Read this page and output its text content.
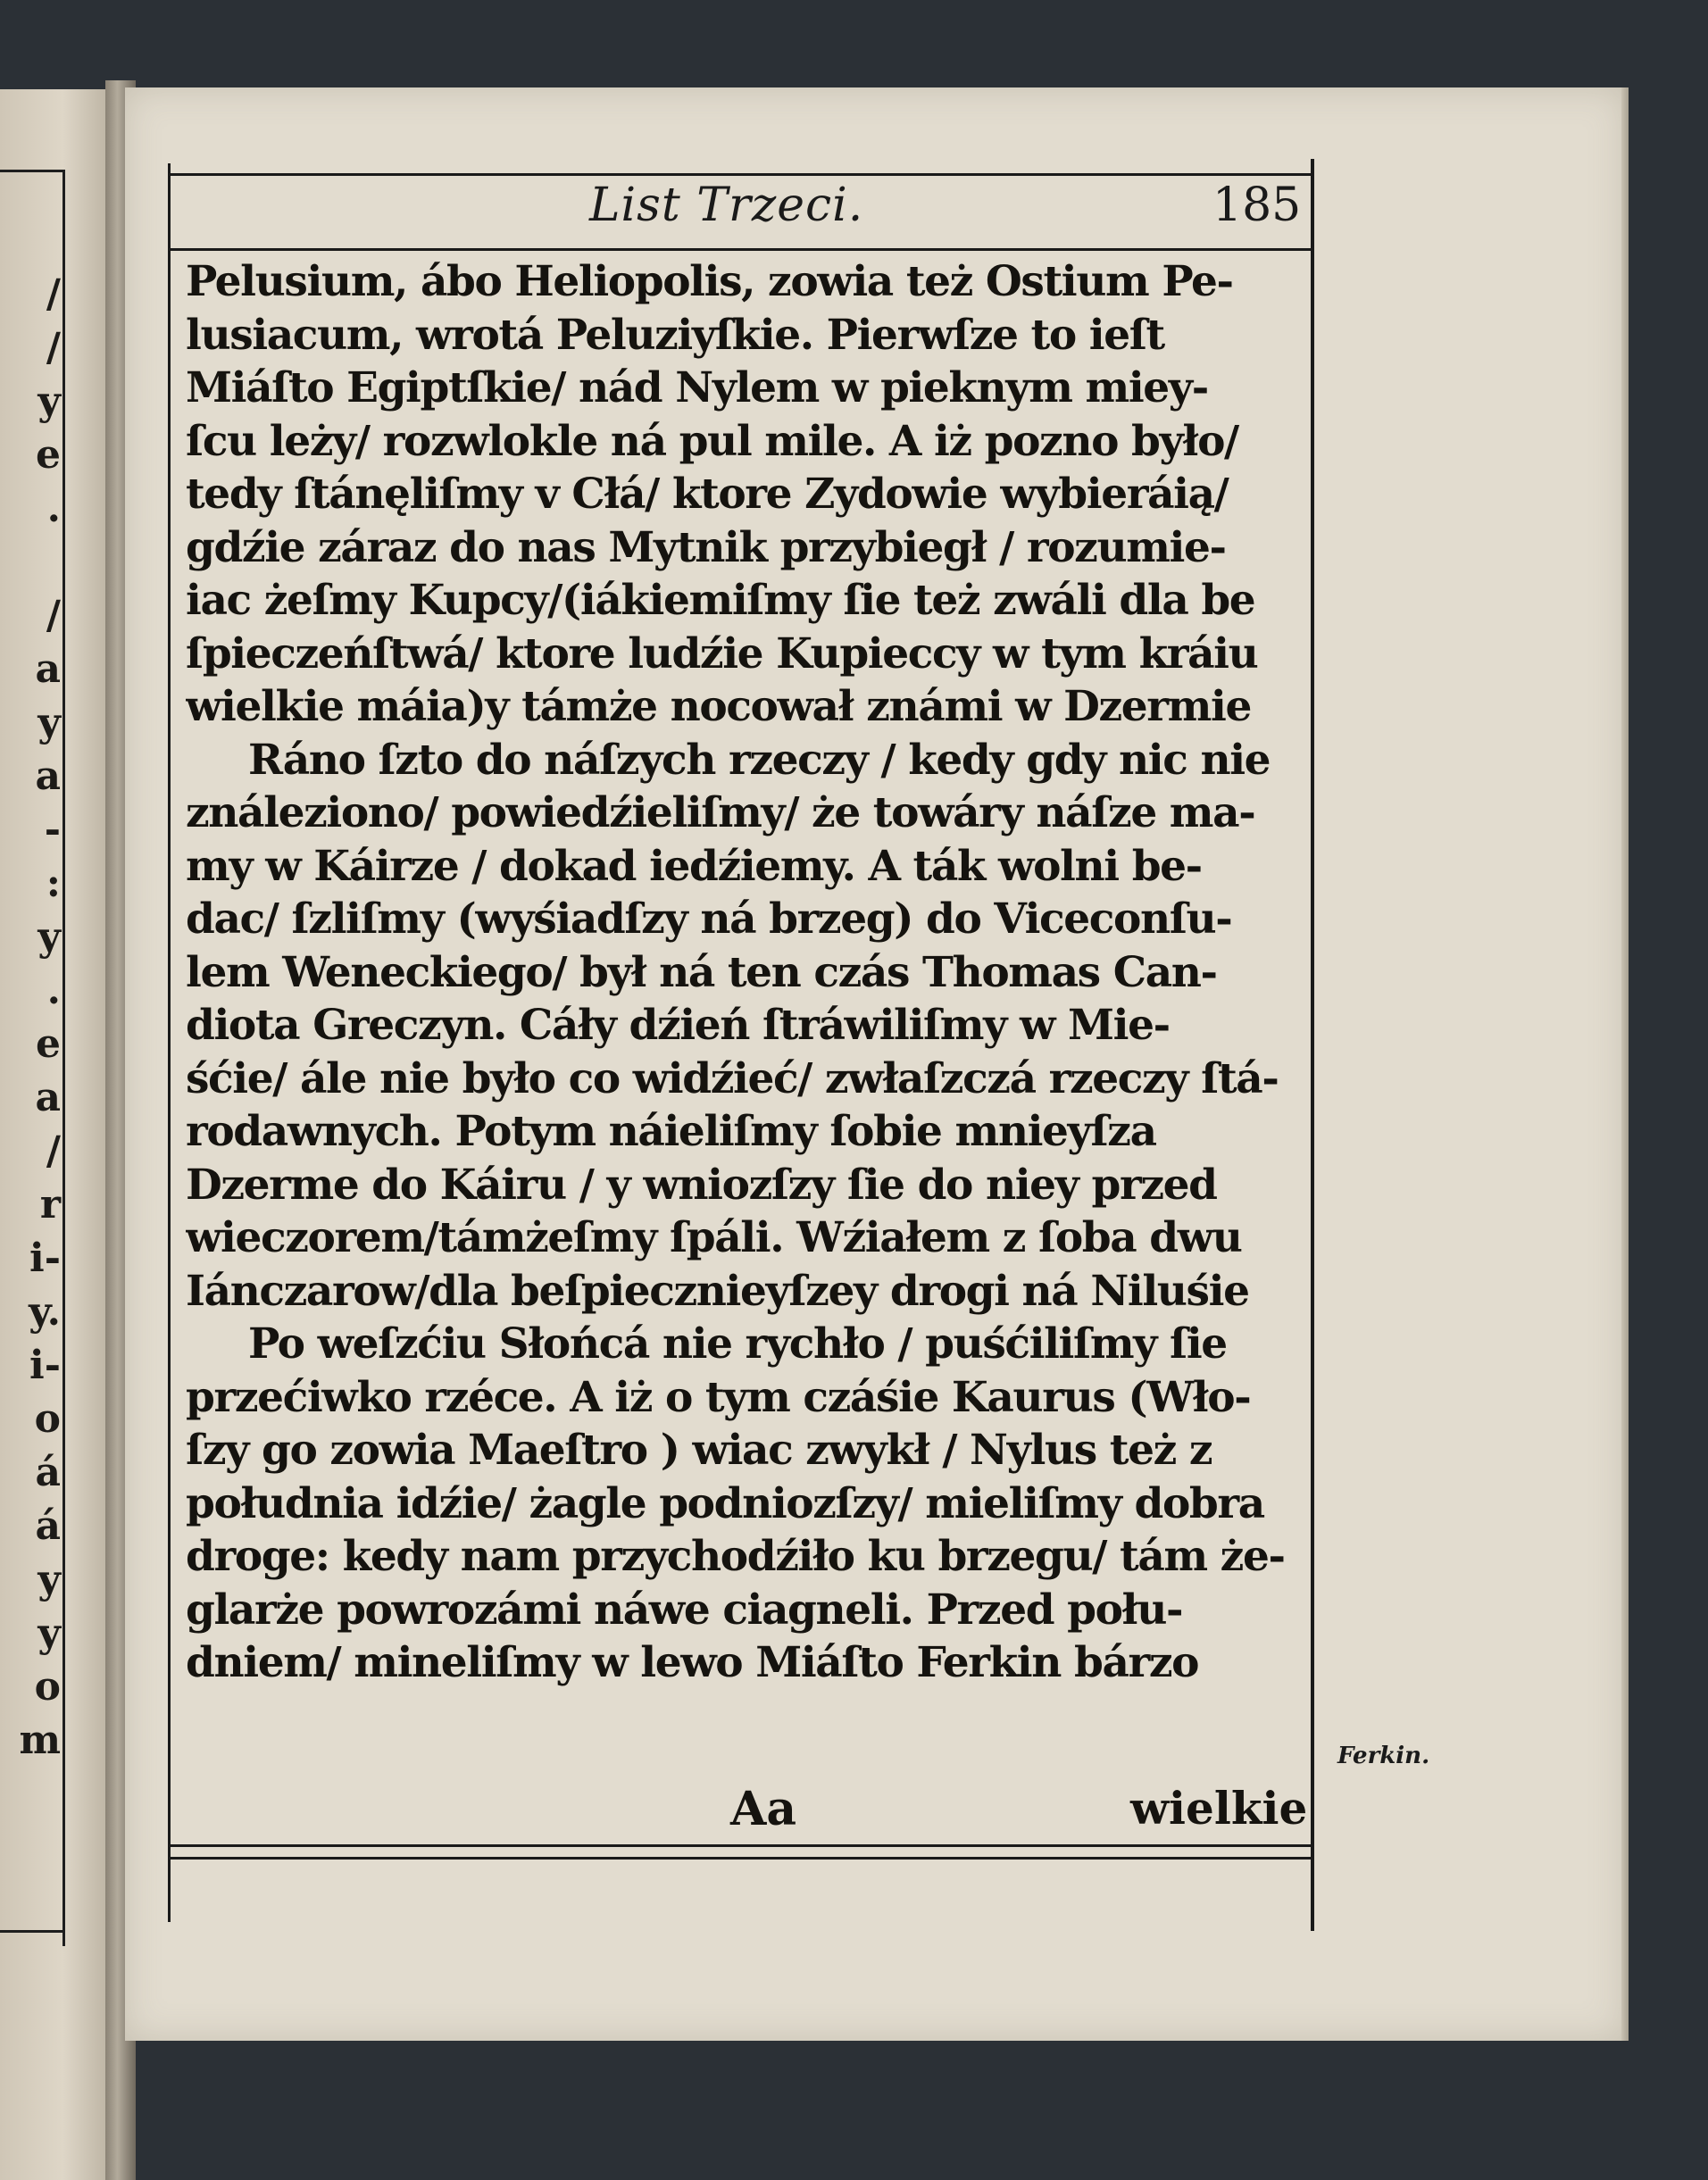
/
/
y
e
.
/
a
y
a
-
:
y
.
e
a
/
r
i-
y.
i-
o
á
á
y
y
o
m
List Trzeci.	185
Pelusium, ábo Heliopolis, zowia też Ostium Pe-
lusiacum, wrotá Peluziyſkie. Pierwſze to ieſt
Miáſto Egiptſkie/ nád Nylem w pieknym miey-
ſcu leży/ rozwlokle ná pul mile. A iż pozno było/
tedy ſtánęliſmy v Cłá/ ktore Zydowie wybieráią/
gdźie záraz do nas Mytnik przybiegł / rozumie-
iac żeſmy Kupcy/(iákiemiſmy ſie też zwáli dla be
ſpieczeńſtwá/ ktore ludźie Kupieccy w tym kráiu
wielkie máia)y támże nocował známi w Dzermie
Ráno ſzto do náſzych rzeczy / kedy gdy nic nie
ználeziono/ powiedźieliſmy/ że towáry náſze ma-
my w Káirze / dokad iedźiemy. A ták wolni be-
dac/ ſzliſmy (wyśiadſzy ná brzeg) do Viceconſu-
lem Weneckiego/ był ná ten czás Thomas Can-
diota Greczyn. Cáły dźień ſtráwiliſmy w Mie-
śćie/ ále nie było co widźieć/ zwłaſzczá rzeczy ſtá-
rodawnych. Potym náieliſmy ſobie mnieyſza
Dzerme do Káiru / y wniozſzy ſie do niey przed
wieczorem/támżeſmy ſpáli. Wźiałem z ſoba dwu
Iánczarow/dla beſpiecznieyſzey drogi ná Niluśie
Po weſzćiu Słońcá nie rychło / puśćiliſmy ſie
przećiwko rzéce. A iż o tym czáśie Kaurus (Wło-
ſzy go zowia Maeſtro ) wiac zwykł / Nylus też z
południa idźie/ żagle podniozſzy/ mieliſmy dobra
droge: kedy nam przychodźiło ku brzegu/ tám że-
glarże powrozámi náwe ciagneli. Przed połu-
dniem/ mineliſmy w lewo Miáſto Ferkin bárzo
Aa	wielkie
Ferkin.
